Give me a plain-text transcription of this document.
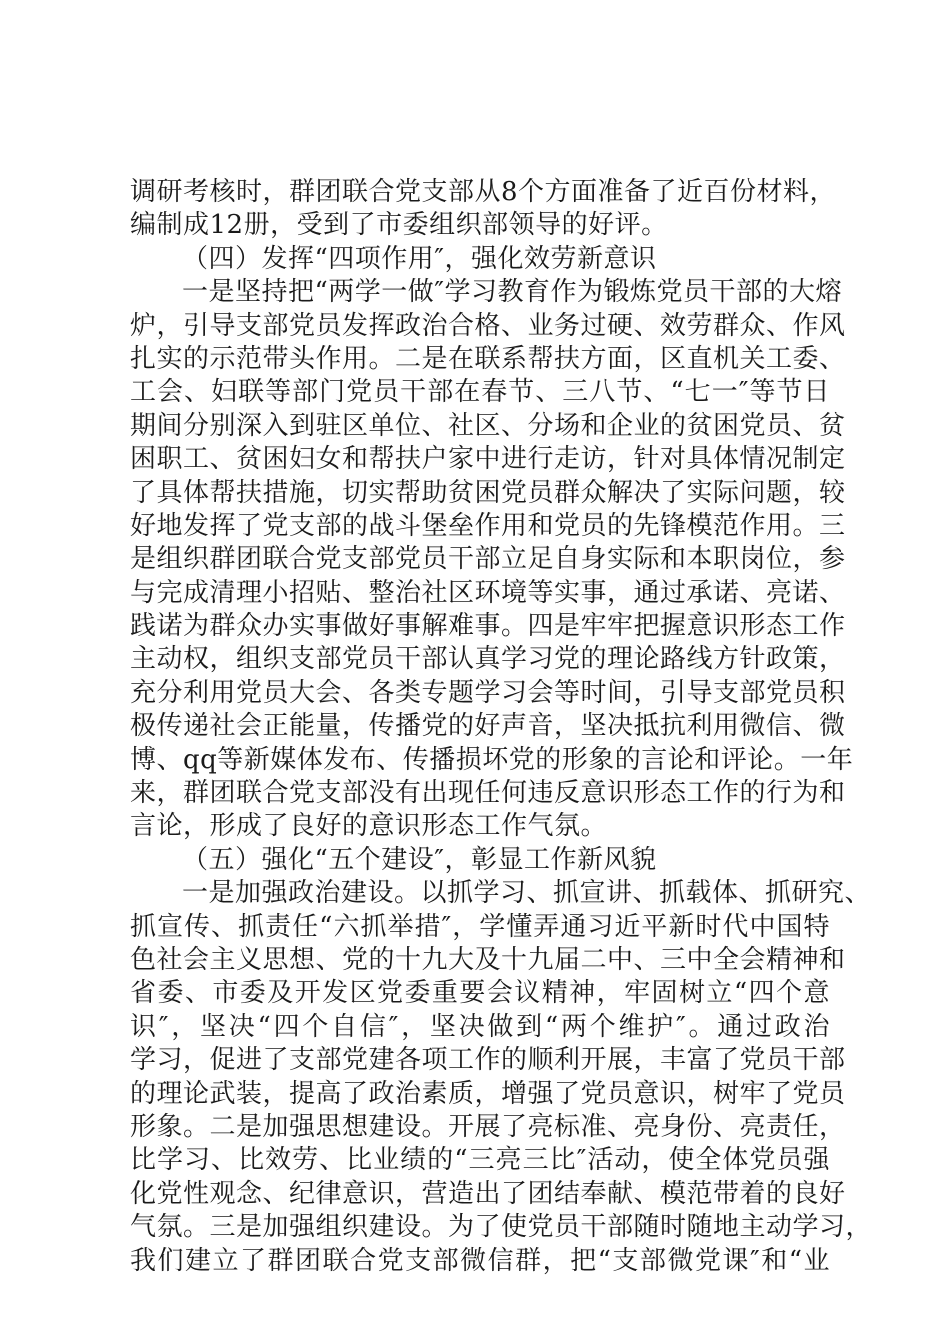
调研考核时，群团联合党支部从8个方面准备了近百份材料，
编制成12册，受到了市委组织部领导的好评。
（四）发挥“四项作用″，强化效劳新意识
一是坚持把“两学一做″学习教育作为锻炼党员干部的大熔
炉，引导支部党员发挥政治合格、业务过硬、效劳群众、作风
扎实的示范带头作用。二是在联系帮扶方面，区直机关工委、
工会、妇联等部门党员干部在春节、三八节、“七一″等节日
期间分别深入到驻区单位、社区、分场和企业的贫困党员、贫
困职工、贫困妇女和帮扶户家中进行走访，针对具体情况制定
了具体帮扶措施，切实帮助贫困党员群众解决了实际问题，较
好地发挥了党支部的战斗堡垒作用和党员的先锋模范作用。三
是组织群团联合党支部党员干部立足自身实际和本职岗位，参
与完成清理小招贴、整治社区环境等实事，通过承诺、亮诺、
践诺为群众办实事做好事解难事。四是牢牢把握意识形态工作
主动权，组织支部党员干部认真学习党的理论路线方针政策，
充分利用党员大会、各类专题学习会等时间，引导支部党员积
极传递社会正能量，传播党的好声音，坚决抵抗利用微信、微
博、qq等新媒体发布、传播损坏党的形象的言论和评论。一年
来，群团联合党支部没有出现任何违反意识形态工作的行为和
言论，形成了良好的意识形态工作气氛。
（五）强化“五个建设″，彰显工作新风貌
一是加强政治建设。以抓学习、抓宣讲、抓载体、抓研究、
抓宣传、抓责任“六抓举措″，学懂弄通习近平新时代中国特
色社会主义思想、党的十九大及十九届二中、三中全会精神和
省委、市委及开发区党委重要会议精神，牢固树立“四个意
识″，坚决“四个自信″，坚决做到“两个维护″。通过政治
学习，促进了支部党建各项工作的顺利开展，丰富了党员干部
的理论武装，提高了政治素质，增强了党员意识，树牢了党员
形象。二是加强思想建设。开展了亮标准、亮身份、亮责任，
比学习、比效劳、比业绩的“三亮三比″活动，使全体党员强
化党性观念、纪律意识，营造出了团结奉献、模范带着的良好
气氛。三是加强组织建设。为了使党员干部随时随地主动学习，
我们建立了群团联合党支部微信群，把“支部微党课″和“业
